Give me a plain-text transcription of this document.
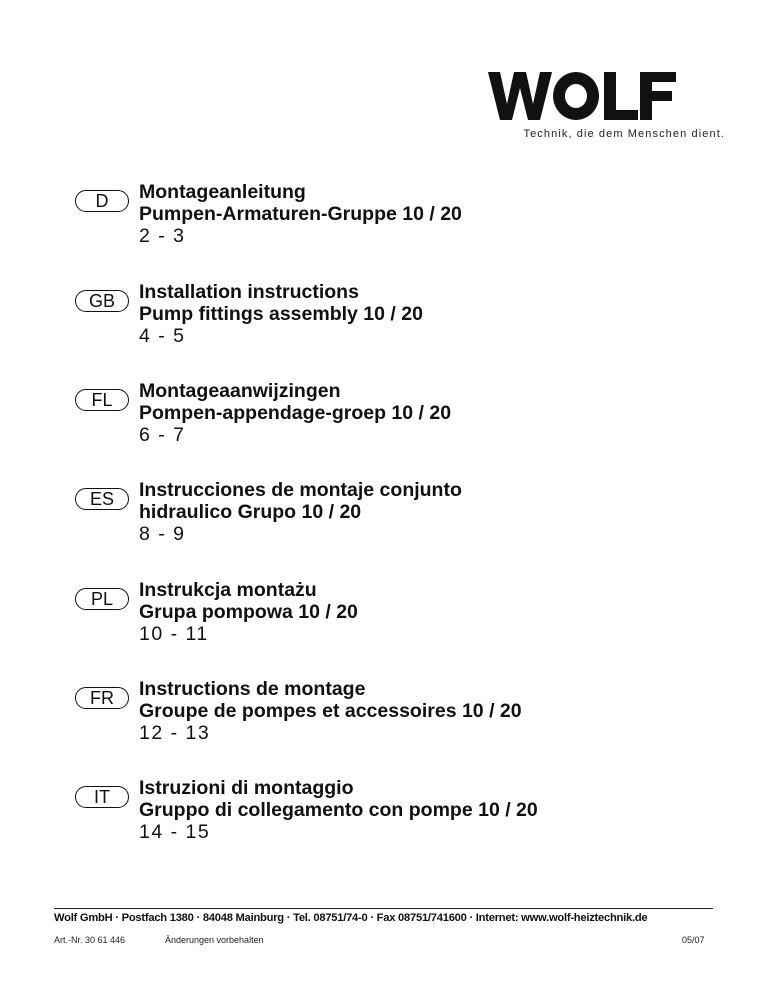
Technik, die dem Menschen dient.
D	Montageanleitung
Pumpen-Armaturen-Gruppe 10 / 20
2 - 3
GB	Installation instructions
Pump fittings assembly 10 / 20
4 - 5
FL	Montageaanwijzingen
Pompen-appendage-groep 10 / 20
6 - 7
ES	Instrucciones de montaje conjunto
hidraulico Grupo 10 / 20
8 - 9
PL	Instrukcja montażu
Grupa pompowa 10 / 20
10 - 11
FR	Instructions de montage
Groupe de pompes et accessoires 10 / 20
12 - 13
IT	Istruzioni di montaggio
Gruppo di collegamento con pompe 10 / 20
14 - 15
Wolf GmbH · Postfach 1380 · 84048 Mainburg · Tel. 08751/74-0 · Fax 08751/741600 · Internet: www.wolf-heiztechnik.de
Art.-Nr. 30 61 446	Änderungen vorbehalten	05/07
